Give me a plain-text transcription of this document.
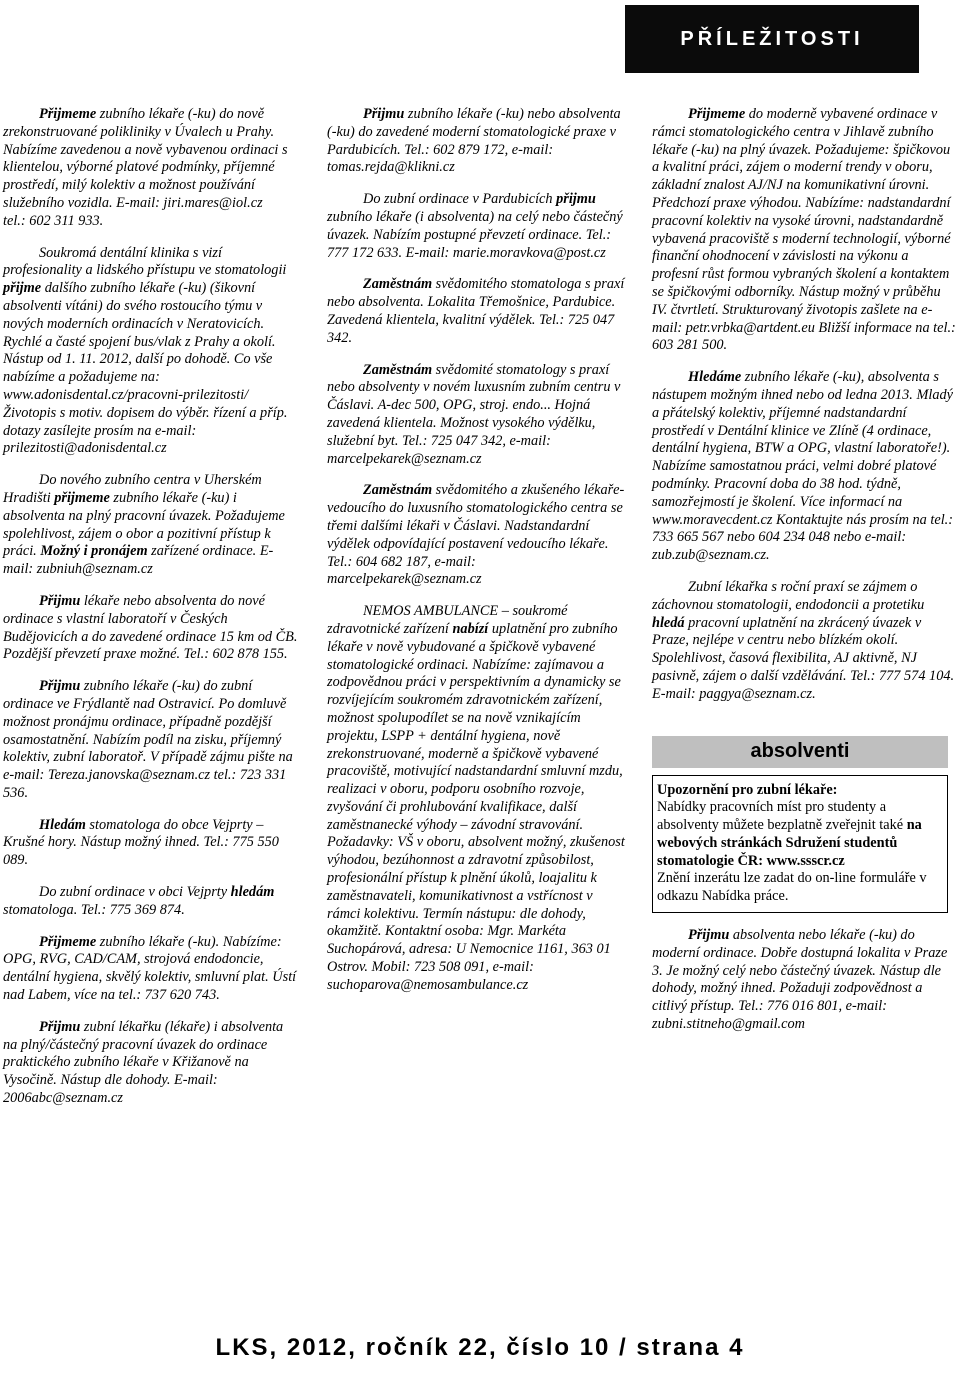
PŘÍLEŽITOSTI

Přijmeme zubního lékaře (-ku) do nově zrekonstruované polikliniky v Úvalech u Prahy. Nabízíme zavedenou a nově vybavenou ordinaci s klientelou, výborné platové podmínky, příjemné prostředí, milý kolektiv a možnost používání služebního vozidla. E-mail: jiri.mares@iol.cz

tel.: 602 311 933.

Soukromá dentální klinika s vizí profesionality a lidského přístupu ve stomatologii přijme dalšího zubního lékaře (-ku) (šikovní absolventi vítáni) do svého rostoucího týmu v nových moderních ordinacích v Neratovicích. Rychlé a časté spojení bus/vlak z Prahy a okolí. Nástup od 1. 11. 2012, další po dohodě. Co vše nabízíme a požadujeme na: www.adonisdental.cz/pracovni-prilezitosti/ Životopis s motiv. dopisem do výběr. řízení a příp. dotazy zasílejte prosím na e-mail: prilezitosti@adonisdental.cz

Do nového zubního centra v Uherském Hradišti přijmeme zubního lékaře (-ku) i absolventa na plný pracovní úvazek. Požadujeme spolehlivost, zájem o obor a pozitivní přístup k práci. Možný i pronájem zařízené ordinace. E-mail: zubniuh@seznam.cz

Přijmu lékaře nebo absolventa do nové ordinace s vlastní laboratoří v Českých Budějovicích a do zavedené ordinace 15 km od ČB. Pozdější převzetí praxe možné. Tel.: 602 878 155.

Přijmu zubního lékaře (-ku) do zubní ordinace ve Frýdlantě nad Ostravicí. Po domluvě možnost pronájmu ordinace, případně pozdější osamostatnění. Nabízím podíl na zisku, příjemný kolektiv, zubní laboratoř. V případě zájmu pište na e-mail: Tereza.janovska@seznam.cz tel.: 723 331 536.

Hledám stomatologa do obce Vejprty – Krušné hory. Nástup možný ihned. Tel.: 775 550 089.

Do zubní ordinace v obci Vejprty hledám stomatologa. Tel.: 775 369 874.

Přijmeme zubního lékaře (-ku). Nabízíme: OPG, RVG, CAD/CAM, strojová endodoncie, dentální hygiena, skvělý kolektiv, smluvní plat. Ústí nad Labem, více na tel.: 737 620 743.

Přijmu zubní lékařku (lékaře) i absolventa na plný/částečný pracovní úvazek do ordinace praktického zubního lékaře v Křižanově na Vysočině. Nástup dle dohody. E-mail: 2006abc@seznam.cz

Přijmu zubního lékaře (-ku) nebo absolventa (-ku) do zavedené moderní stomatologické praxe v Pardubicích. Tel.: 602 879 172, e-mail: tomas.rejda@klikni.cz

Do zubní ordinace v Pardubicích přijmu zubního lékaře (i absolventa) na celý nebo částečný úvazek. Nabízím postupné převzetí ordinace. Tel.: 777 172 633. E-mail: marie.moravkova@post.cz

Zaměstnám svědomitého stomatologa s praxí nebo absolventa. Lokalita Třemošnice, Pardubice. Zavedená klientela, kvalitní výdělek. Tel.: 725 047 342.

Zaměstnám svědomité stomatology s praxí nebo absolventy v novém luxusním zubním centru v Čáslavi. A-dec 500, OPG, stroj. endo... Hojná zavedená klientela. Možnost vysokého výdělku, služební byt. Tel.: 725 047 342, e-mail: marcelpekarek@seznam.cz

Zaměstnám svědomitého a zkušeného lékaře-vedoucího do luxusního stomatologického centra se třemi dalšími lékaři v Čáslavi. Nadstandardní výdělek odpovídající postavení vedoucího lékaře. Tel.: 604 682 187, e-mail: marcelpekarek@seznam.cz

NEMOS AMBULANCE – soukromé zdravotnické zařízení nabízí uplatnění pro zubního lékaře v nově vybudované a špičkově vybavené stomatologické ordinaci. Nabízíme: zajímavou a zodpovědnou práci v perspektivním a dynamicky se rozvíjejícím soukromém zdravotnickém zařízení, možnost spolupodílet se na nově vznikajícím projektu, LSPP + dentální hygiena, nově zrekonstruované, moderně a špičkově vybavené pracoviště, motivující nadstandardní smluvní mzdu, realizaci v oboru, podporu osobního rozvoje, zvyšování či prohlubování kvalifikace, další zaměstnanecké výhody – závodní stravování. Požadavky: VŠ v oboru, absolvent možný, zkušenost výhodou, bezúhonnost a zdravotní způsobilost, profesionální přístup k plnění úkolů, loajalitu k zaměstnavateli, komunikativnost a vstřícnost v rámci kolektivu. Termín nástupu: dle dohody, okamžitě. Kontaktní osoba: Mgr. Markéta Suchopárová, adresa: U Nemocnice 1161, 363 01 Ostrov. Mobil: 723 508 091, e-mail: suchoparova@nemosambulance.cz

Přijmeme do moderně vybavené ordinace v rámci stomatologického centra v Jihlavě zubního lékaře (-ku) na plný úvazek. Požadujeme: špičkovou a kvalitní práci, zájem o moderní trendy v oboru, základní znalost AJ/NJ na komunikativní úrovni. Předchozí praxe výhodou. Nabízíme: nadstandardní pracovní kolektiv na vysoké úrovni, nadstandardně vybavená pracoviště s moderní technologií, výborné finanční ohodnocení v závislosti na výkonu a profesní růst formou vybraných školení a kontaktem se špičkovými odborníky. Nástup možný v průběhu IV. čtvrtletí. Strukturovaný životopis zašlete na e-mail: petr.vrbka@artdent.eu Bližší informace na tel.: 603 281 500.

Hledáme zubního lékaře (-ku), absolventa s nástupem možným ihned nebo od ledna 2013. Mladý a přátelský kolektiv, příjemné nadstandardní prostředí v Dentální klinice ve Zlíně (4 ordinace, dentální hygiena, BTW a OPG, vlastní laboratoře!). Nabízíme samostatnou práci, velmi dobré platové podmínky. Pracovní doba do 38 hod. týdně, samozřejmostí je školení. Více informací na www.moravecdent.cz Kontaktujte nás prosím na tel.: 733 665 567 nebo 604 234 048 nebo e-mail: zub.zub@seznam.cz.

Zubní lékařka s roční praxí se zájmem o záchovnou stomatologii, endodoncii a protetiku hledá pracovní uplatnění na zkrácený úvazek v Praze, nejlépe v centru nebo blízkém okolí. Spolehlivost, časová flexibilita, AJ aktivně, NJ pasivně, zájem o další vzdělávání. Tel.: 777 574 104. E-mail: paggya@seznam.cz.

absolventi

Upozornění pro zubní lékaře:

Nabídky pracovních míst pro studenty a absolventy můžete bezplatně zveřejnit také na webových stránkách Sdružení studentů stomatologie ČR: www.ssscr.cz

Znění inzerátu lze zadat do on-line formuláře v odkazu Nabídka práce.

Přijmu absolventa nebo lékaře (-ku) do moderní ordinace. Dobře dostupná lokalita v Praze 3. Je možný celý nebo částečný úvazek. Nástup dle dohody, možný ihned. Požaduji zodpovědnost a citlivý přístup. Tel.: 776 016 801, e-mail: zubni.stitneho@gmail.com

LKS, 2012, ročník 22, číslo 10 / strana 4
